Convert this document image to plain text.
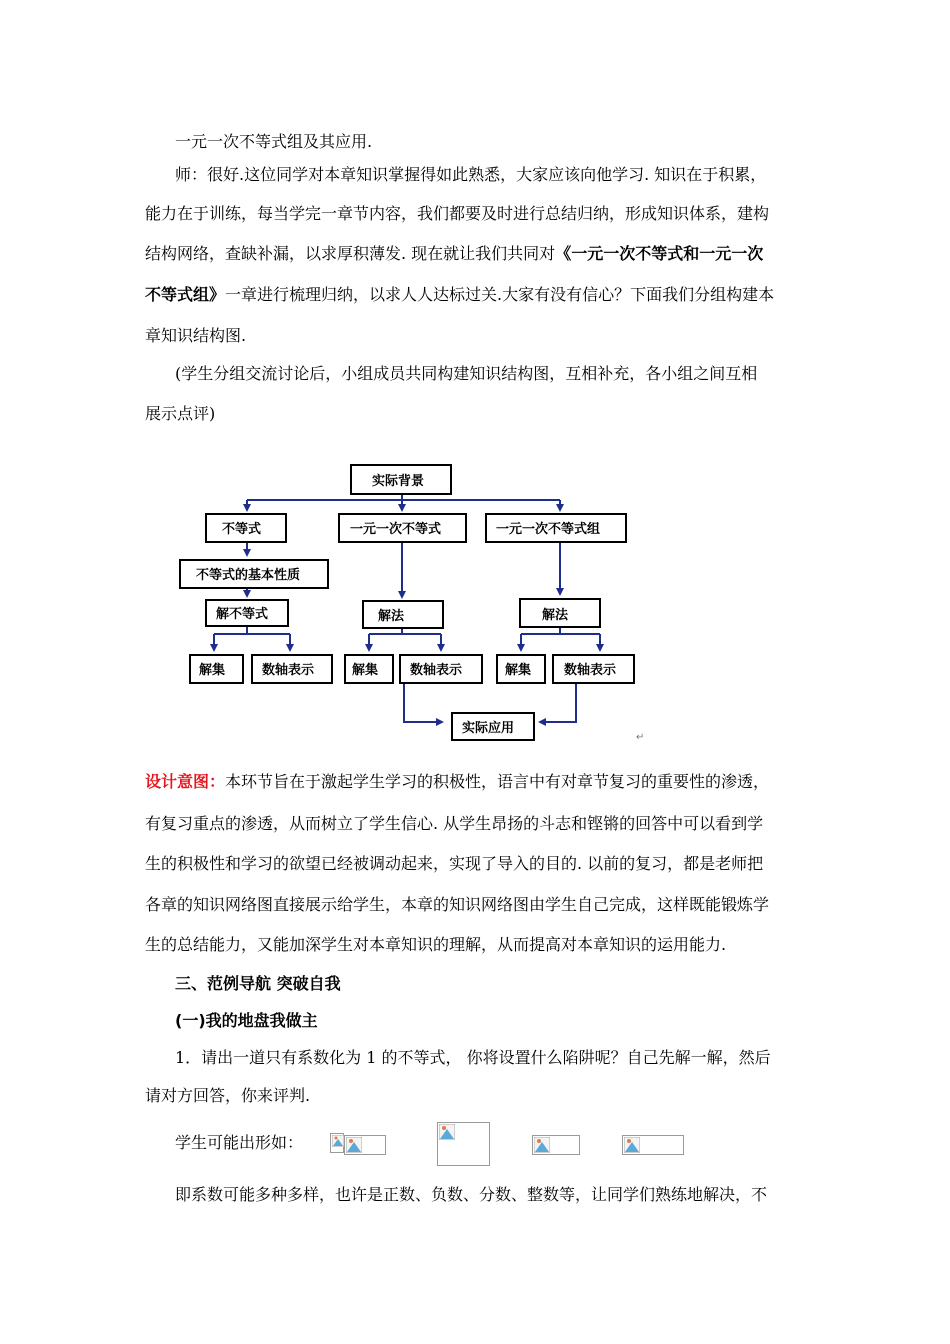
一元一次不等式组及其应用.
师：很好.这位同学对本章知识掌握得如此熟悉，大家应该向他学习. 知识在于积累，
能力在于训练，每当学完一章节内容，我们都要及时进行总结归纳，形成知识体系，建构
结构网络，查缺补漏，以求厚积薄发. 现在就让我们共同对《一元一次不等式和一元一次
不等式组》一章进行梳理归纳，以求人人达标过关.大家有没有信心？下面我们分组构建本
章知识结构图.
(学生分组交流讨论后，小组成员共同构建知识结构图，互相补充，各小组之间互相
展示点评)
实际背景
不等式	一元一次不等式	一元一次不等式组
不等式的基本性质
解不等式	解法	解法
解集	数轴表示	解集 数轴表示	解集	数轴表示
实际应用
↵
设计意图：本环节旨在于激起学生学习的积极性，语言中有对章节复习的重要性的渗透，
有复习重点的渗透，从而树立了学生信心. 从学生昂扬的斗志和铿锵的回答中可以看到学
生的积极性和学习的欲望已经被调动起来，实现了导入的目的. 以前的复习，都是老师把
各章的知识网络图直接展示给学生，本章的知识网络图由学生自己完成，这样既能锻炼学
生的总结能力，又能加深学生对本章知识的理解，从而提高对本章知识的运用能力.
三、范例导航 突破自我
(一)我的地盘我做主
1．请出一道只有系数化为 1 的不等式， 你将设置什么陷阱呢？自己先解一解，然后
请对方回答，你来评判.
学生可能出形如：
即系数可能多种多样，也许是正数、负数、分数、整数等，让同学们熟练地解决，不
